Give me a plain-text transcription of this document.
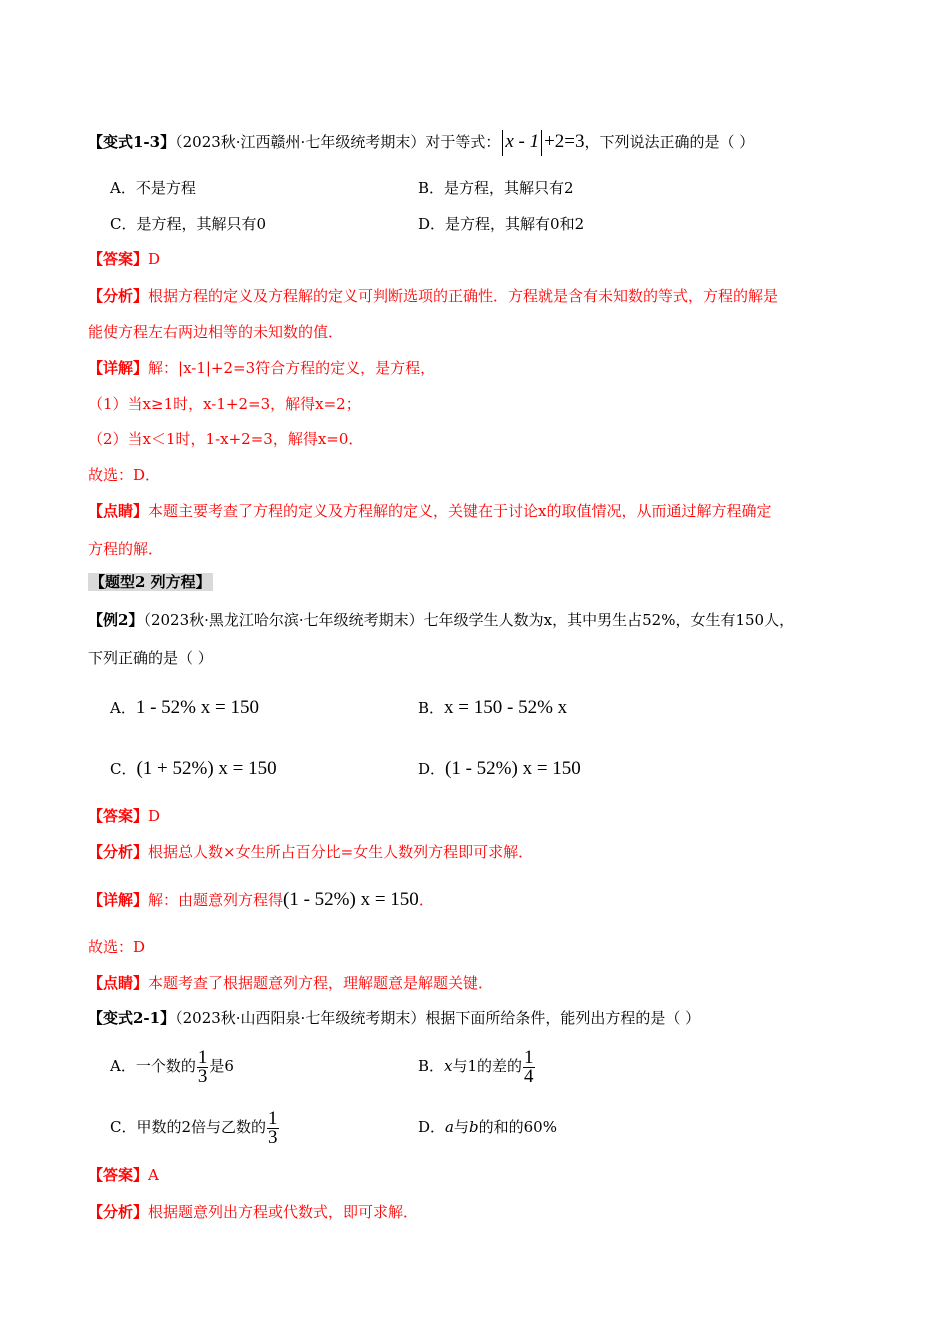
【变式1-3】（2023秋·江西赣州·七年级统考期末）对于等式： x - 1 +2=3，下列说法正确的是（ ）
A．不是方程	B．是方程，其解只有2
C．是方程，其解只有0	D．是方程，其解有0和2
【答案】D
【分析】根据方程的定义及方程解的定义可判断选项的正确性．方程就是含有未知数的等式，方程的解是
能使方程左右两边相等的未知数的值．
【详解】解：|x-1|+2=3符合方程的定义，是方程，
（1）当x≥1时，x-1+2=3，解得x=2；
（2）当x＜1时，1-x+2=3，解得x=0．
故选：D．
【点睛】本题主要考查了方程的定义及方程解的定义，关键在于讨论x的取值情况，从而通过解方程确定
方程的解．
【题型2 列方程】
【例2】（2023秋·黑龙江哈尔滨·七年级统考期末）七年级学生人数为x，其中男生占52%，女生有150人，
下列正确的是（ ）
A．1 - 52% x = 150	B．x = 150 - 52% x
C．(1 + 52%) x = 150	D．(1 - 52%) x = 150
【答案】D
【分析】根据总人数×女生所占百分比=女生人数列方程即可求解．
【详解】解：由题意列方程得(1 - 52%) x = 150．
故选：D
【点睛】本题考查了根据题意列方程，理解题意是解题关键．
【变式2-1】（2023秋·山西阳泉·七年级统考期末）根据下面所给条件，能列出方程的是（ ）
A．一个数的 $\frac{1}{3}$ 是6	B．x与1的差的 $\frac{1}{4}$
C．甲数的2倍与乙数的 $\frac{1}{3}$	D．a与b的和的60%
【答案】A
【分析】根据题意列出方程或代数式，即可求解．
